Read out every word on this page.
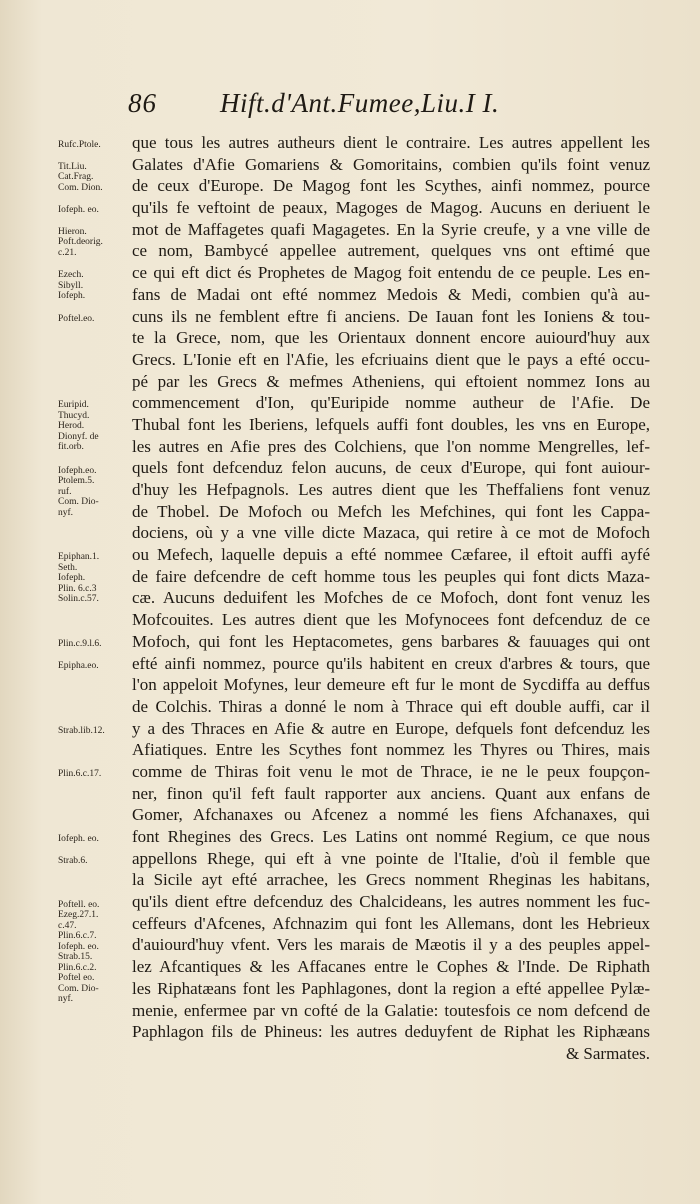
86 Hift.d'Ant.Fumee,Liu.I I.
Rufc.Ptole.
Tit.Liu.
Cat.Frag.
Com. Dion.
Iofeph. eo.
Hieron.
Poft.deorig.
c.21.
Ezech.
Sibyll.
Iofeph.
Poftel.eo.
Euripid.
Thucyd.
Herod.
Dionyf. de
fit.orb.
Iofeph.eo.
Ptolem.5.
ruf.
Com. Dio-
nyf.
Epiphan.1.
Seth.
Iofeph.
Plin. 6.c.3
Solin.c.57.
Plin.c.9.l.6.
Epipha.eo.
Strab.lib.12.
Plin.6.c.17.
Iofeph. eo.
Strab.6.
Poftell. eo.
Ezeg.27.1.
c.47.
Plin.6.c.7.
Iofeph. eo.
Strab.15.
Plin.6.c.2.
Poftel eo.
Com. Dio-
nyf.
que tous les autres autheurs dient le contraire. Les autres appellent les
Galates d'Afie Gomariens & Gomoritains, combien qu'ils foint venuz
de ceux d'Europe. De Magog font les Scythes, ainfi nommez, pource
qu'ils fe veftoint de peaux, Magoges de Magog. Aucuns en deriuent le
mot de Maffagetes quafi Magagetes. En la Syrie creufe, y a vne ville de
ce nom, Bambycé appellee autrement, quelques vns ont eftimé que
ce qui eft dict és Prophetes de Magog foit entendu de ce peuple. Les en-
fans de Madai ont efté nommez Medois & Medi, combien qu'à au-
cuns ils ne femblent eftre fi anciens. De Iauan font les Ioniens & tou-
te la Grece, nom, que les Orientaux donnent encore auiourd'huy aux
Grecs. L'Ionie eft en l'Afie, les efcriuains dient que le pays a efté occu-
pé par les Grecs & mefmes Atheniens, qui eftoient nommez Ions au
commencement d'Ion, qu'Euripide nomme autheur de l'Afie. De
Thubal font les Iberiens, lefquels auffi font doubles, les vns en Europe,
les autres en Afie pres des Colchiens, que l'on nomme Mengrelles, lef-
quels font defcenduz felon aucuns, de ceux d'Europe, qui font auiour-
d'huy les Hefpagnols. Les autres dient que les Theffaliens font venuz
de Thobel. De Mofoch ou Mefch les Mefchines, qui font les Cappa-
dociens, où y a vne ville dicte Mazaca, qui retire à ce mot de Mofoch
ou Mefech, laquelle depuis a efté nommee Cæfaree, il eftoit auffi ayfé
de faire defcendre de ceft homme tous les peuples qui font dicts Maza-
cæ. Aucuns deduifent les Mofches de ce Mofoch, dont font venuz les
Mofcouites. Les autres dient que les Mofynocees font defcenduz de ce
Mofoch, qui font les Heptacometes, gens barbares & fauuages qui ont
efté ainfi nommez, pource qu'ils habitent en creux d'arbres & tours, que
l'on appeloit Mofynes, leur demeure eft fur le mont de Sycdiffa au deffus
de Colchis. Thiras a donné le nom à Thrace qui eft double auffi, car il
y a des Thraces en Afie & autre en Europe, defquels font defcenduz les
Afiatiques. Entre les Scythes font nommez les Thyres ou Thires, mais
comme de Thiras foit venu le mot de Thrace, ie ne le peux foupçon-
ner, finon qu'il feft fault rapporter aux anciens. Quant aux enfans de
Gomer, Afchanaxes ou Afcenez a nommé les fiens Afchanaxes, qui
font Rhegines des Grecs. Les Latins ont nommé Regium, ce que nous
appellons Rhege, qui eft à vne pointe de l'Italie, d'où il femble que
la Sicile ayt efté arrachee, les Grecs nomment Rheginas les habitans,
qu'ils dient eftre defcenduz des Chalcideans, les autres nomment les fuc-
ceffeurs d'Afcenes, Afchnazim qui font les Allemans, dont les Hebrieux
d'auiourd'huy vfent. Vers les marais de Mæotis il y a des peuples appel-
lez Afcantiques & les Affacanes entre le Cophes & l'Inde. De Riphath
les Riphatæans font les Paphlagones, dont la region a efté appellee Pylæ-
menie, enfermee par vn cofté de la Galatie: toutesfois ce nom defcend de
Paphlagon fils de Phineus: les autres deduyfent de Riphat les Riphæans
& Sarmates.
